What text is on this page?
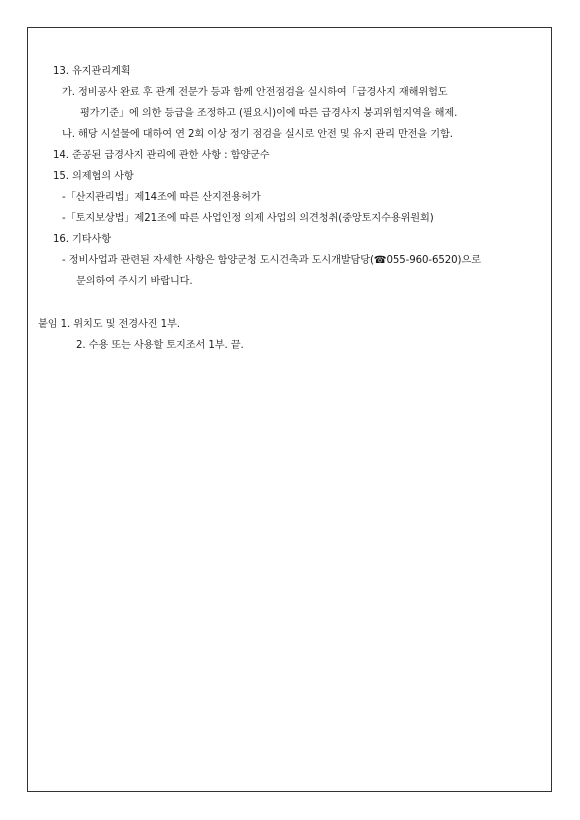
13. 유지관리계획
가. 정비공사 완료 후 관계 전문가 등과 함께 안전점검을 실시하여「급경사지 재해위험도
평가기준」에 의한 등급을 조정하고 (필요시)이에 따른 급경사지 붕괴위험지역을 해제.
나. 해당 시설물에 대하여 연 2회 이상 정기 점검을 실시로 안전 및 유지 관리 만전을 기함.
14. 준공된 급경사지 관리에 관한 사항 : 함양군수
15. 의제협의 사항
-「산지관리법」제14조에 따른 산지전용허가
-「토지보상법」제21조에 따른 사업인정 의제 사업의 의견청취(중앙토지수용위원회)
16. 기타사항
- 정비사업과 관련된 자세한 사항은 함양군청 도시건축과 도시개발담당(☎055-960-6520)으로
문의하여 주시기 바랍니다.
붙임 1. 위치도 및 전경사진 1부.
2. 수용 또는 사용할 토지조서 1부. 끝.
